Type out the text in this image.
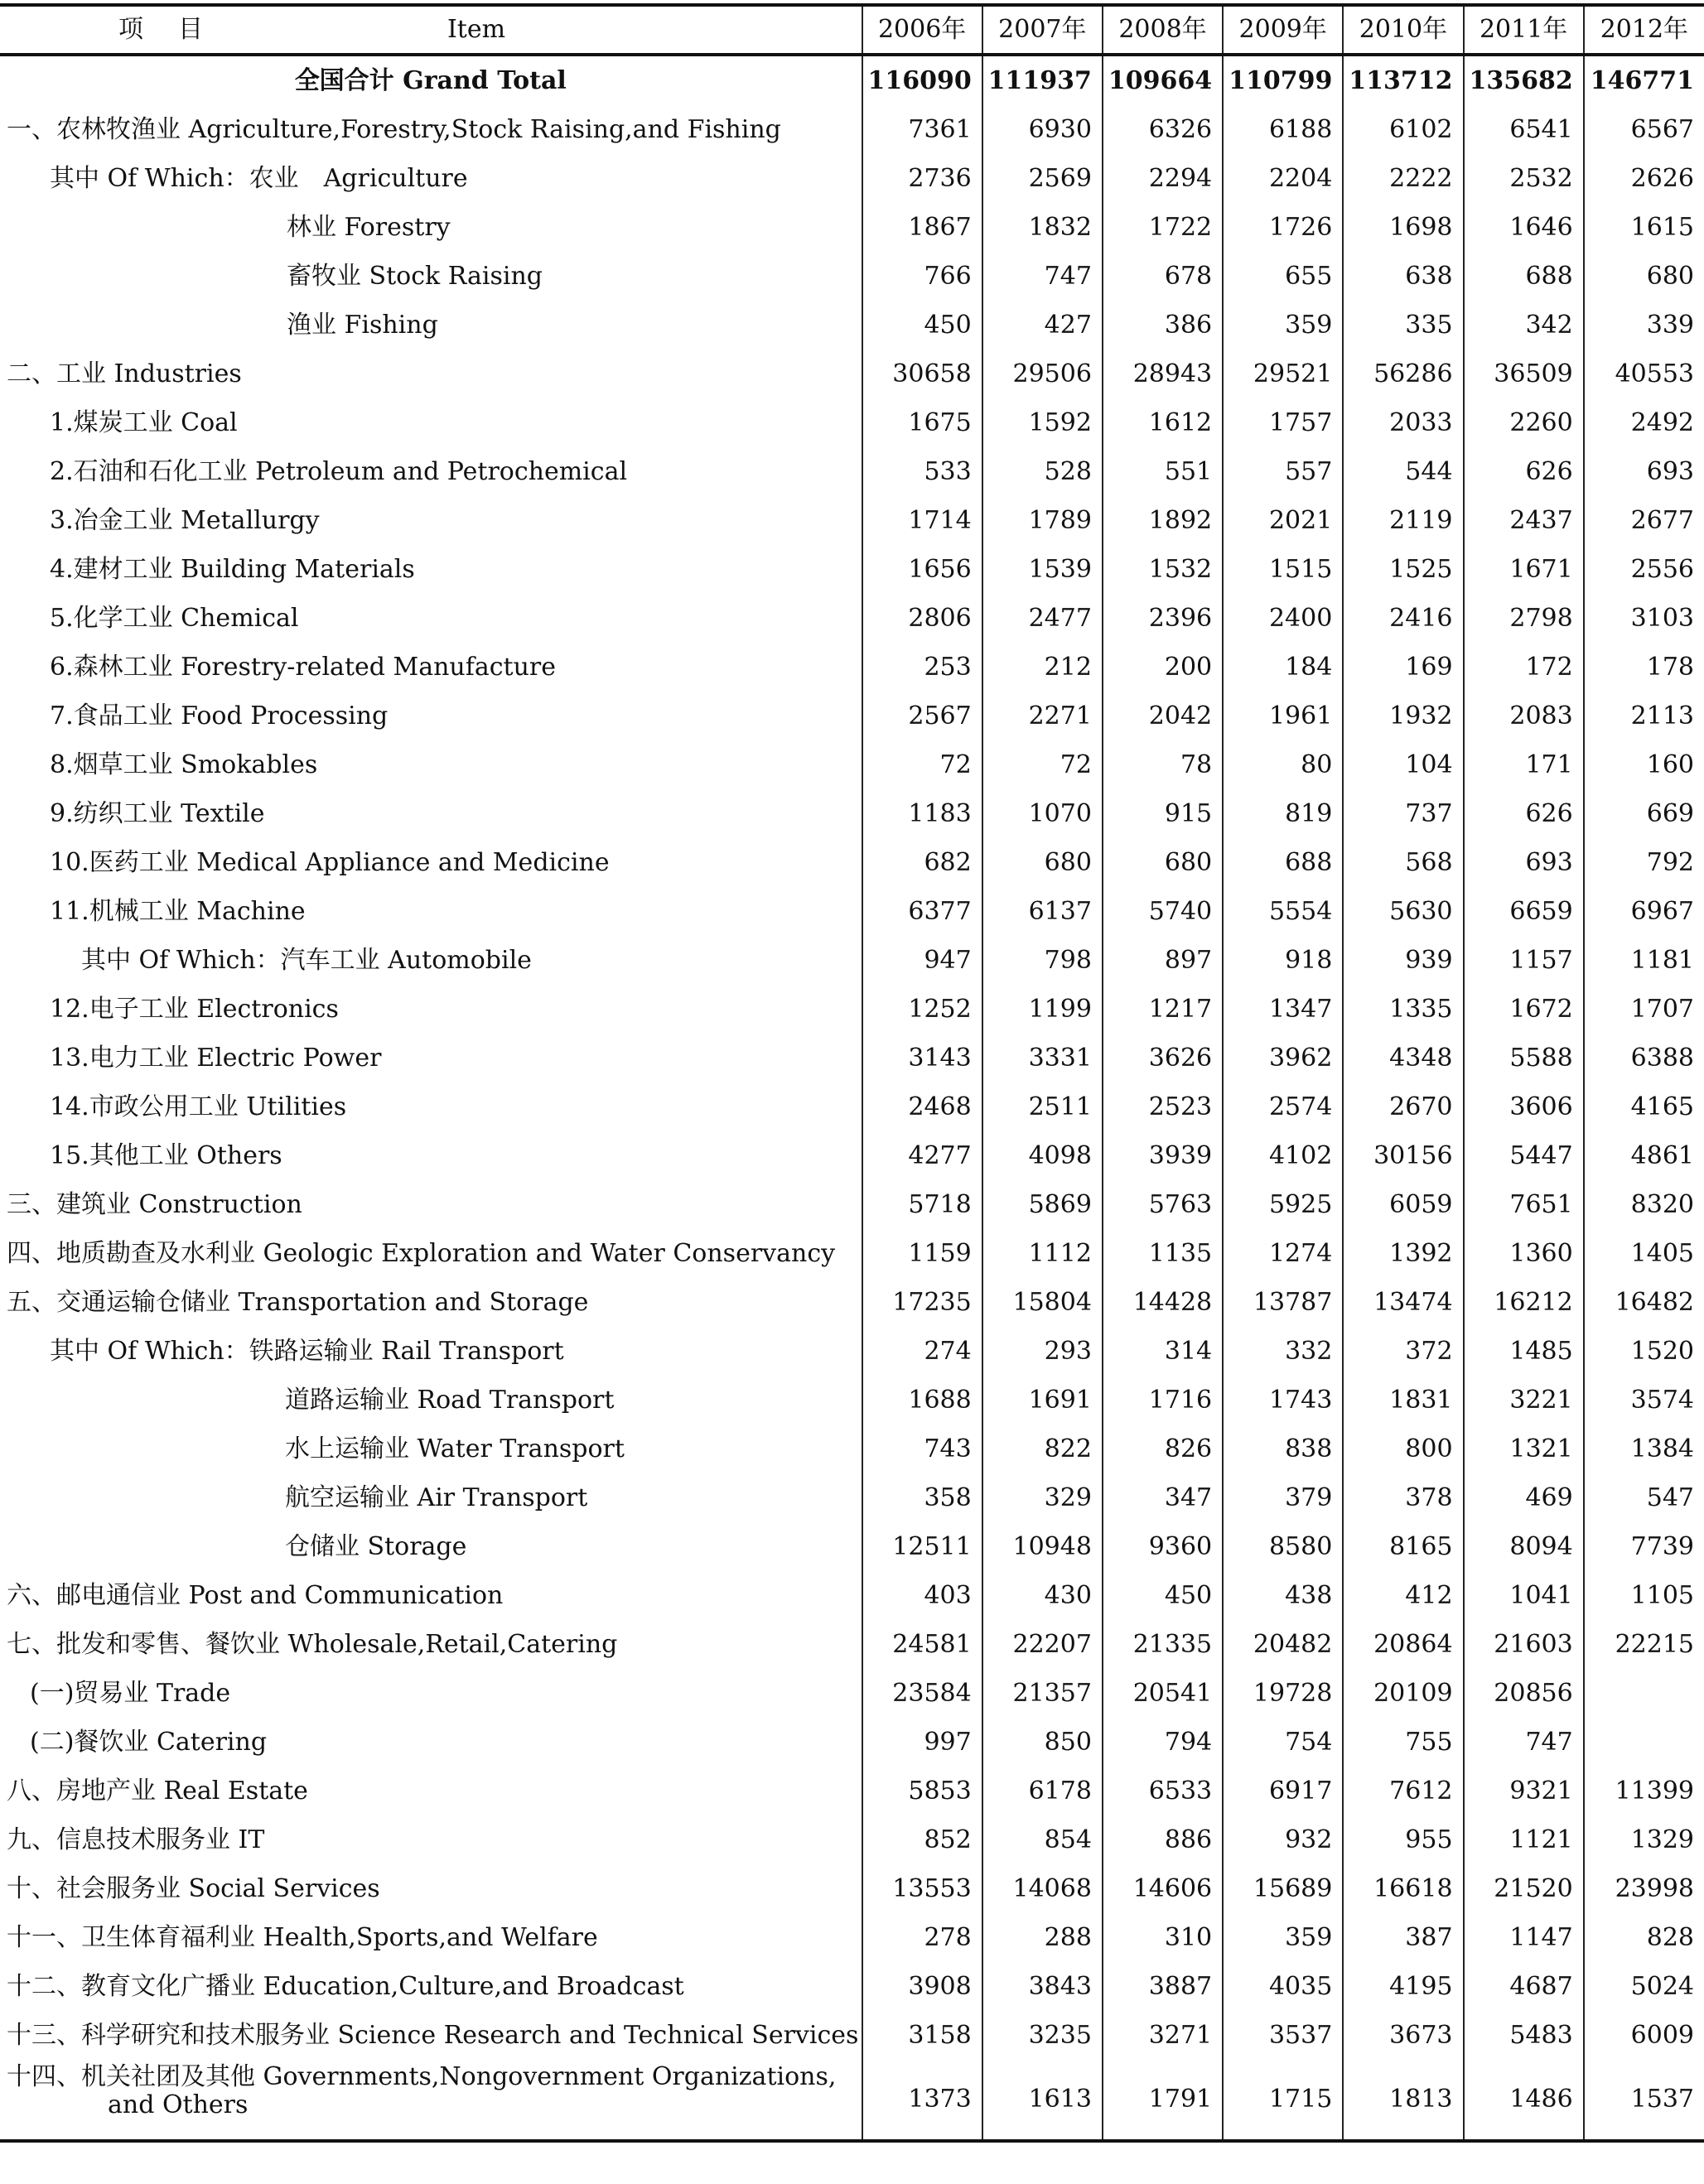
项目 Item	2006年	2007年	2008年	2009年	2010年	2011年	2012年
全国合计 Grand Total	116090	111937	109664	110799	113712	135682	146771
一、农林牧渔业 Agriculture,Forestry,Stock Raising,and Fishing	7361	6930	6326	6188	6102	6541	6567
其中 Of Which：农业　Agriculture	2736	2569	2294	2204	2222	2532	2626
林业 Forestry	1867	1832	1722	1726	1698	1646	1615
畜牧业 Stock Raising	766	747	678	655	638	688	680
渔业 Fishing	450	427	386	359	335	342	339
二、工业 Industries	30658	29506	28943	29521	56286	36509	40553
1.煤炭工业 Coal	1675	1592	1612	1757	2033	2260	2492
2.石油和石化工业 Petroleum and Petrochemical	533	528	551	557	544	626	693
3.冶金工业 Metallurgy	1714	1789	1892	2021	2119	2437	2677
4.建材工业 Building Materials	1656	1539	1532	1515	1525	1671	2556
5.化学工业 Chemical	2806	2477	2396	2400	2416	2798	3103
6.森林工业 Forestry-related Manufacture	253	212	200	184	169	172	178
7.食品工业 Food Processing	2567	2271	2042	1961	1932	2083	2113
8.烟草工业 Smokables	72	72	78	80	104	171	160
9.纺织工业 Textile	1183	1070	915	819	737	626	669
10.医药工业 Medical Appliance and Medicine	682	680	680	688	568	693	792
11.机械工业 Machine	6377	6137	5740	5554	5630	6659	6967
其中 Of Which：汽车工业 Automobile	947	798	897	918	939	1157	1181
12.电子工业 Electronics	1252	1199	1217	1347	1335	1672	1707
13.电力工业 Electric Power	3143	3331	3626	3962	4348	5588	6388
14.市政公用工业 Utilities	2468	2511	2523	2574	2670	3606	4165
15.其他工业 Others	4277	4098	3939	4102	30156	5447	4861
三、建筑业 Construction	5718	5869	5763	5925	6059	7651	8320
四、地质勘查及水利业 Geologic Exploration and Water Conservancy	1159	1112	1135	1274	1392	1360	1405
五、交通运输仓储业 Transportation and Storage	17235	15804	14428	13787	13474	16212	16482
其中 Of Which：铁路运输业 Rail Transport	274	293	314	332	372	1485	1520
道路运输业 Road Transport	1688	1691	1716	1743	1831	3221	3574
水上运输业 Water Transport	743	822	826	838	800	1321	1384
航空运输业 Air Transport	358	329	347	379	378	469	547
仓储业 Storage	12511	10948	9360	8580	8165	8094	7739
六、邮电通信业 Post and Communication	403	430	450	438	412	1041	1105
七、批发和零售、餐饮业 Wholesale,Retail,Catering	24581	22207	21335	20482	20864	21603	22215
(一)贸易业 Trade	23584	21357	20541	19728	20109	20856	
(二)餐饮业 Catering	997	850	794	754	755	747	
八、房地产业 Real Estate	5853	6178	6533	6917	7612	9321	11399
九、信息技术服务业 IT	852	854	886	932	955	1121	1329
十、社会服务业 Social Services	13553	14068	14606	15689	16618	21520	23998
十一、卫生体育福利业 Health,Sports,and Welfare	278	288	310	359	387	1147	828
十二、教育文化广播业 Education,Culture,and Broadcast	3908	3843	3887	4035	4195	4687	5024
十三、科学研究和技术服务业 Science Research and Technical Services	3158	3235	3271	3537	3673	5483	6009
十四、机关社团及其他 Governments,Nongovernment Organizations,
and Others	1373	1613	1791	1715	1813	1486	1537
